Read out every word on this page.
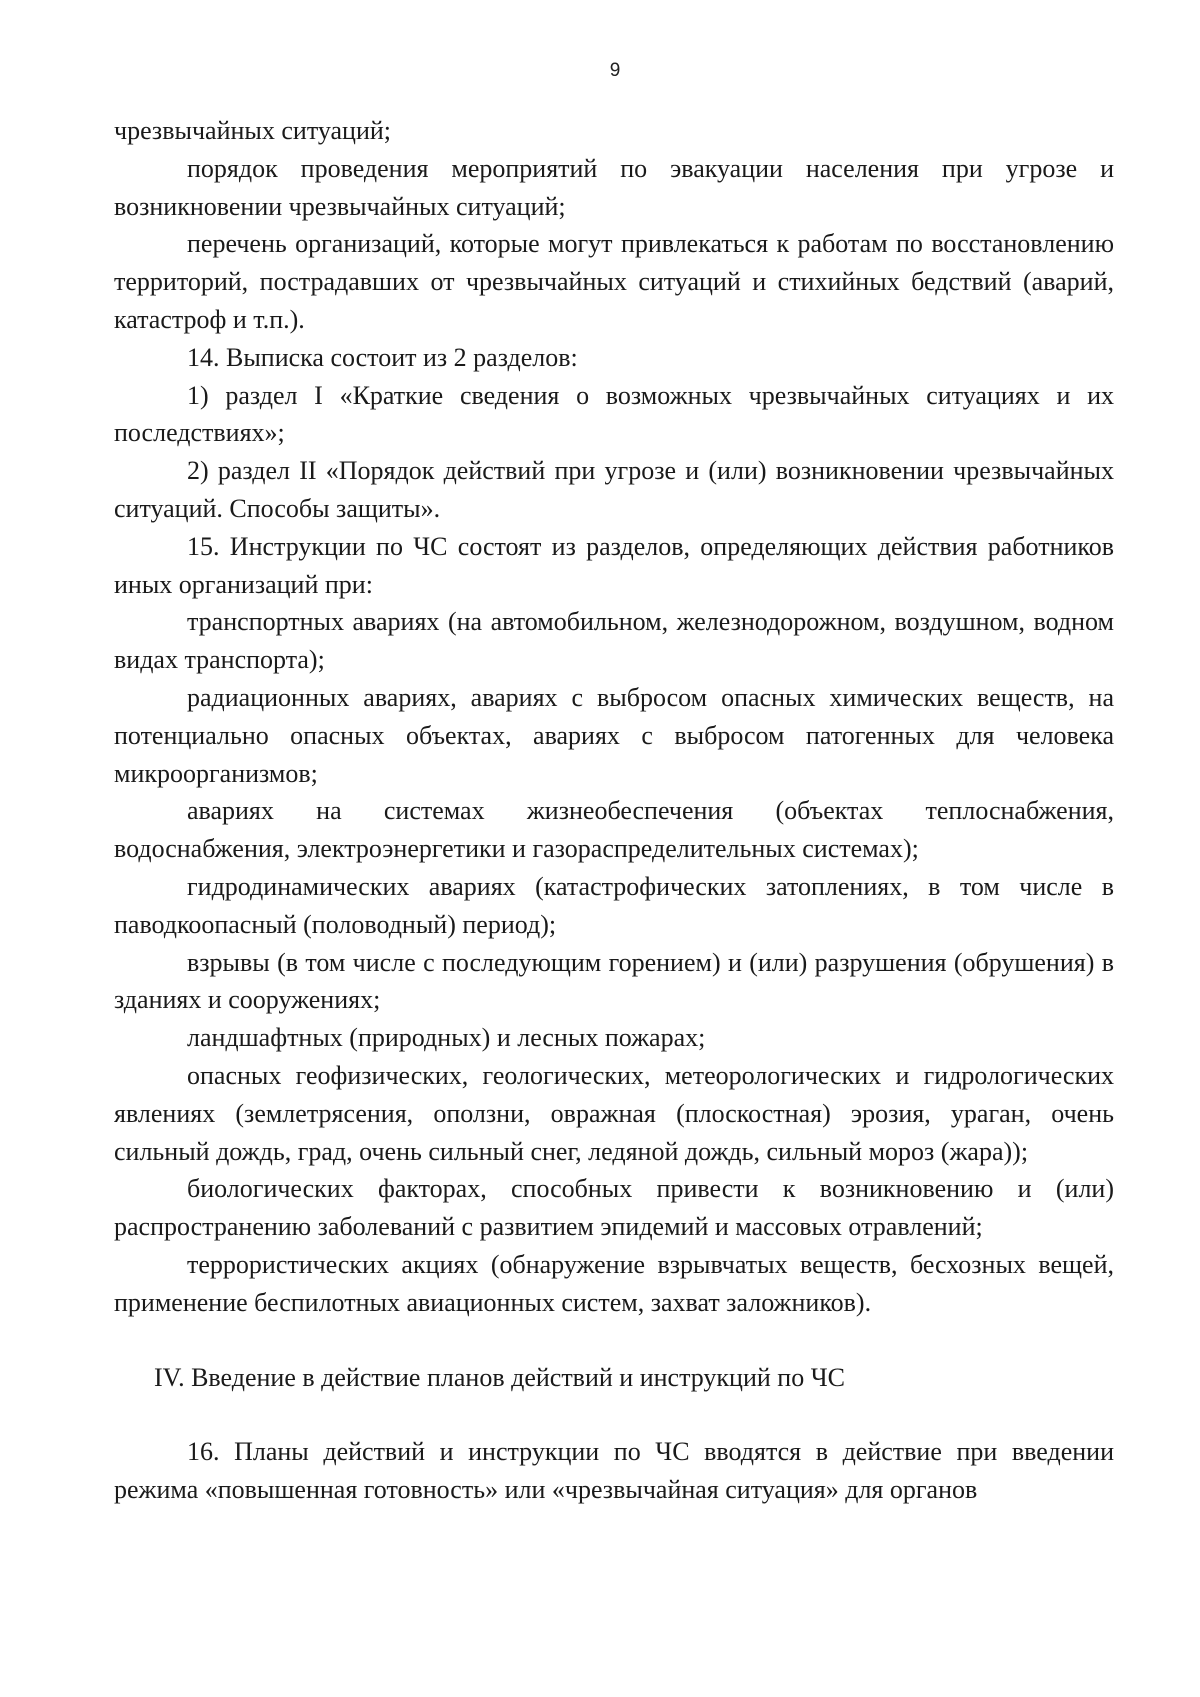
9

чрезвычайных ситуаций;

порядок проведения мероприятий по эвакуации населения при угрозе и возникновении чрезвычайных ситуаций;

перечень организаций, которые могут привлекаться к работам по восстановлению территорий, пострадавших от чрезвычайных ситуаций и стихийных бедствий (аварий, катастроф и т.п.).

14. Выписка состоит из 2 разделов:

1) раздел I «Краткие сведения о возможных чрезвычайных ситуациях и их последствиях»;

2) раздел II «Порядок действий при угрозе и (или) возникновении чрезвычайных ситуаций. Способы защиты».

15. Инструкции по ЧС состоят из разделов, определяющих действия работников иных организаций при:

транспортных авариях (на автомобильном, железнодорожном, воздушном, водном видах транспорта);

радиационных авариях, авариях с выбросом опасных химических веществ, на потенциально опасных объектах, авариях с выбросом патогенных для человека микроорганизмов;

авариях на системах жизнеобеспечения (объектах теплоснабжения, водоснабжения, электроэнергетики и газораспределительных системах);

гидродинамических авариях (катастрофических затоплениях, в том числе в паводкоопасный (половодный) период);

взрывы (в том числе с последующим горением) и (или) разрушения (обрушения) в зданиях и сооружениях;

ландшафтных (природных) и лесных пожарах;

опасных геофизических, геологических, метеорологических и гидрологических явлениях (землетрясения, оползни, овражная (плоскостная) эрозия, ураган, очень сильный дождь, град, очень сильный снег, ледяной дождь, сильный мороз (жара));

биологических факторах, способных привести к возникновению и (или) распространению заболеваний с развитием эпидемий и массовых отравлений;

террористических акциях (обнаружение взрывчатых веществ, бесхозных вещей, применение беспилотных авиационных систем, захват заложников).

IV. Введение в действие планов действий и инструкций по ЧС

16. Планы действий и инструкции по ЧС вводятся в действие при введении режима «повышенная готовность» или «чрезвычайная ситуация» для органов
